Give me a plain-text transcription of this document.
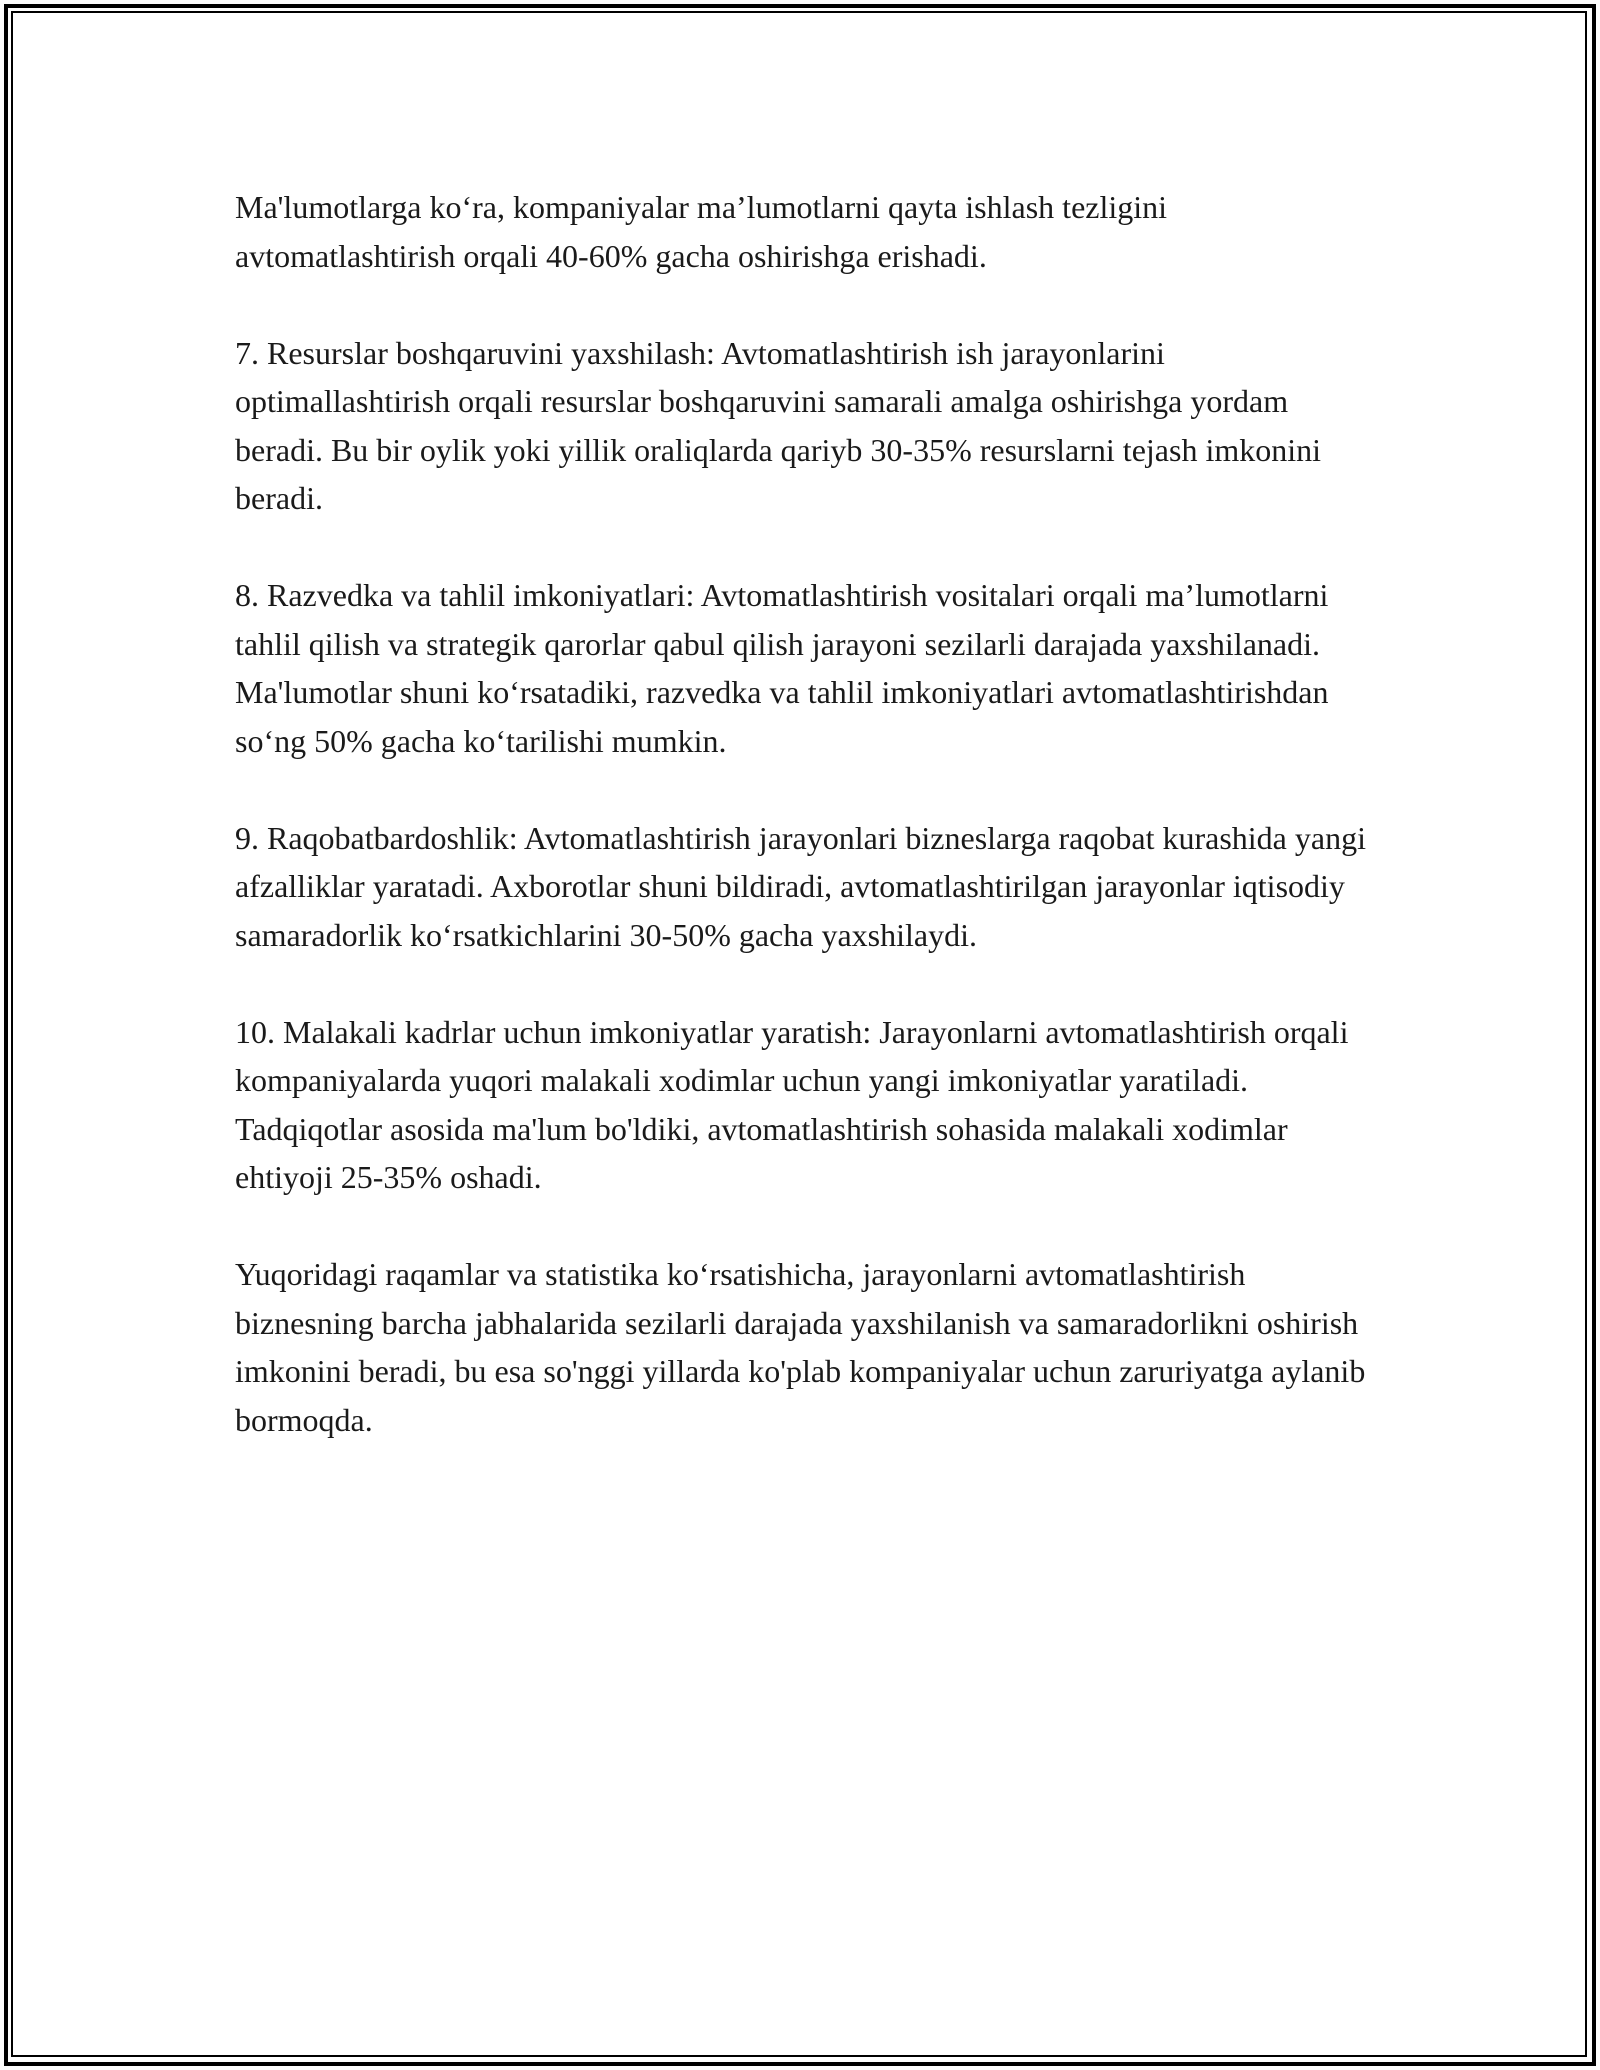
Ma'lumotlarga ko‘ra, kompaniyalar ma’lumotlarni qayta ishlash tezligini avtomatlashtirish orqali 40-60% gacha oshirishga erishadi.

7. Resurslar boshqaruvini yaxshilash: Avtomatlashtirish ish jarayonlarini optimallashtirish orqali resurslar boshqaruvini samarali amalga oshirishga yordam beradi. Bu bir oylik yoki yillik oraliqlarda qariyb 30-35% resurslarni tejash imkonini beradi.

8. Razvedka va tahlil imkoniyatlari: Avtomatlashtirish vositalari orqali ma’lumotlarni tahlil qilish va strategik qarorlar qabul qilish jarayoni sezilarli darajada yaxshilanadi. Ma'lumotlar shuni ko‘rsatadiki, razvedka va tahlil imkoniyatlari avtomatlashtirishdan so‘ng 50% gacha ko‘tarilishi mumkin.

9. Raqobatbardoshlik: Avtomatlashtirish jarayonlari bizneslarga raqobat kurashida yangi afzalliklar yaratadi. Axborotlar shuni bildiradi, avtomatlashtirilgan jarayonlar iqtisodiy samaradorlik ko‘rsatkichlarini 30-50% gacha yaxshilaydi.

10. Malakali kadrlar uchun imkoniyatlar yaratish: Jarayonlarni avtomatlashtirish orqali kompaniyalarda yuqori malakali xodimlar uchun yangi imkoniyatlar yaratiladi. Tadqiqotlar asosida ma'lum bo'ldiki, avtomatlashtirish sohasida malakali xodimlar ehtiyoji 25-35% oshadi.

Yuqoridagi raqamlar va statistika ko‘rsatishicha, jarayonlarni avtomatlashtirish biznesning barcha jabhalarida sezilarli darajada yaxshilanish va samaradorlikni oshirish imkonini beradi, bu esa so'nggi yillarda ko'plab kompaniyalar uchun zaruriyatga aylanib bormoqda.
